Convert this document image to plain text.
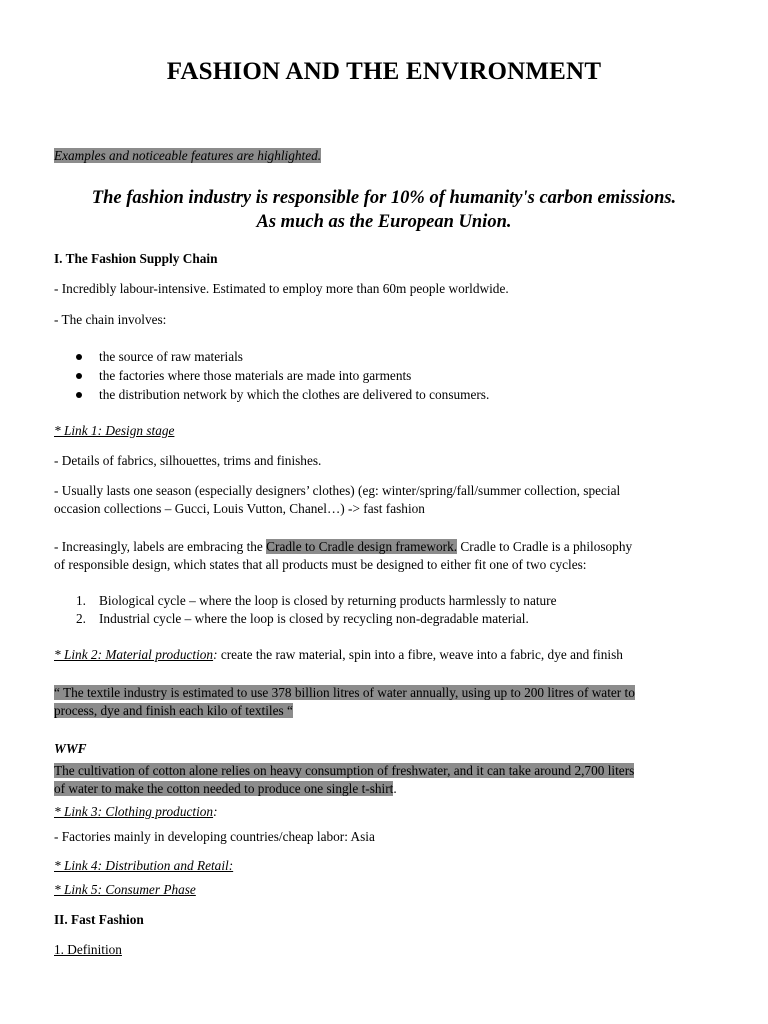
FASHION AND THE ENVIRONMENT
Examples and noticeable features are highlighted.
The fashion industry is responsible for 10% of humanity's carbon emissions.
As much as the European Union.
I. The Fashion Supply Chain
- Incredibly labour-intensive. Estimated to employ more than 60m people worldwide.
- The chain involves:
the source of raw materials
the factories where those materials are made into garments
the distribution network by which the clothes are delivered to consumers.
* Link 1: Design stage
- Details of fabrics, silhouettes, trims and finishes.
- Usually lasts one season (especially designers’ clothes) (eg: winter/spring/fall/summer collection, special
occasion collections – Gucci, Louis Vutton, Chanel…) -> fast fashion
- Increasingly, labels are embracing the Cradle to Cradle design framework. Cradle to Cradle is a philosophy
of responsible design, which states that all products must be designed to either fit one of two cycles:
1. Biological cycle – where the loop is closed by returning products harmlessly to nature
2. Industrial cycle – where the loop is closed by recycling non-degradable material.
* Link 2: Material production: create the raw material, spin into a fibre, weave into a fabric, dye and finish
“ The textile industry is estimated to use 378 billion litres of water annually, using up to 200 litres of water to
process, dye and finish each kilo of textiles “
WWF
The cultivation of cotton alone relies on heavy consumption of freshwater, and it can take around 2,700 liters
of water to make the cotton needed to produce one single t-shirt.
* Link 3: Clothing production:
- Factories mainly in developing countries/cheap labor: Asia
* Link 4: Distribution and Retail:
* Link 5: Consumer Phase
II. Fast Fashion
1. Definition
